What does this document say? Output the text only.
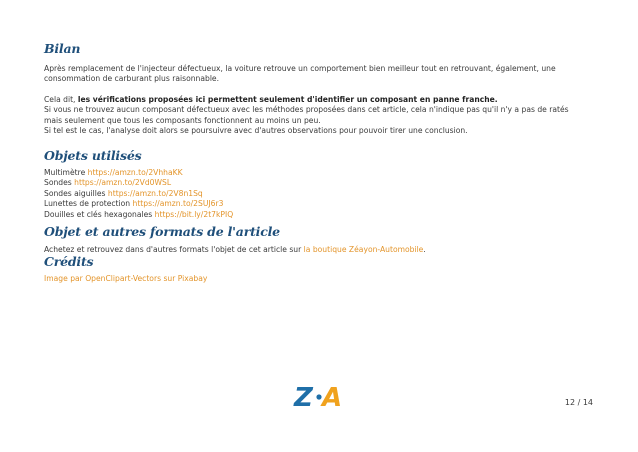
Bilan

Après remplacement de l'injecteur défectueux, la voiture retrouve un comportement bien meilleur tout en retrouvant, également, une
consommation de carburant plus raisonnable.

Cela dit, les vérifications proposées ici permettent seulement d'identifier un composant en panne franche.
Si vous ne trouvez aucun composant défectueux avec les méthodes proposées dans cet article, cela n'indique pas qu'il n'y a pas de ratés
mais seulement que tous les composants fonctionnent au moins un peu.
Si tel est le cas, l'analyse doit alors se poursuivre avec d'autres observations pour pouvoir tirer une conclusion.

Objets utilisés

Multimètre https://amzn.to/2VhhaKK
Sondes https://amzn.to/2Vd0WSL
Sondes aiguilles https://amzn.to/2V8n1Sq
Lunettes de protection https://amzn.to/2SUJ6r3
Douilles et clés hexagonales https://bit.ly/2t7kPIQ

Objet et autres formats de l'article

Achetez et retrouvez dans d'autres formats l'objet de cet article sur la boutique Zéayon-Automobile.

Crédits

Image par OpenClipart-Vectors sur Pixabay

Z A	12 / 14
